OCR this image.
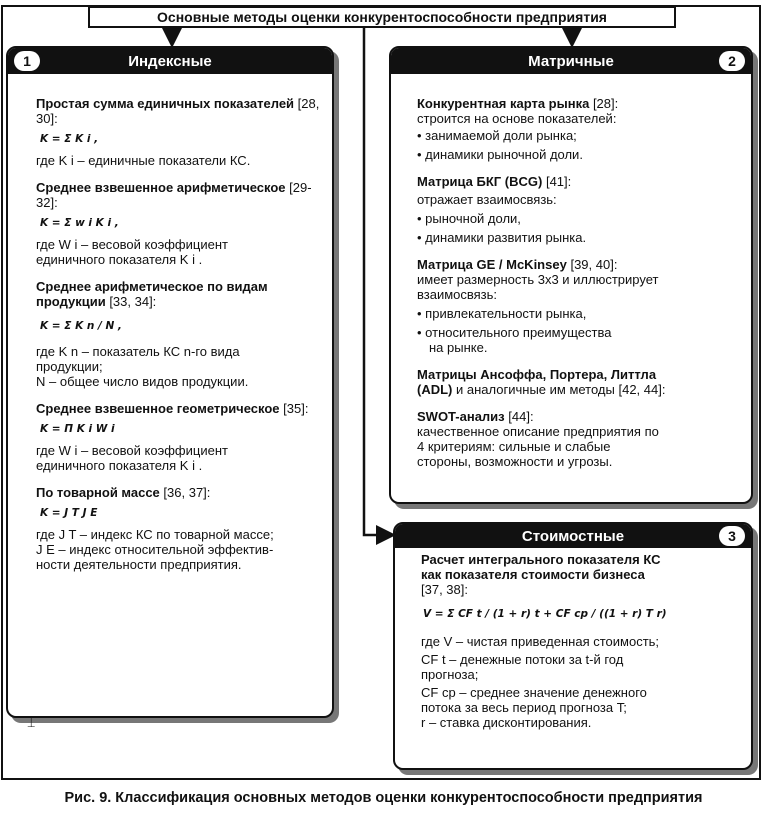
Основные методы оценки конкурентоспособности предприятия
1	Индексные
Простая сумма единичных показателей [28, 30]:
K = Σ K i ,
где K i – единичные показатели КС.
Среднее взвешенное арифметическое [29-32]:
K = Σ w i K i ,
где W i – весовой коэффициент
единичного показателя K i .
Среднее арифметическое по видам продукции [33, 34]:
K = Σ K n / N ,
где K n – показатель КС n-го вида
продукции;
N – общее число видов продукции.
Среднее взвешенное геометрическое [35]:
K = Π K i W i
где W i – весовой коэффициент
единичного показателя K i .
По товарной массе [36, 37]:
K = J T J E
где J T – индекс КС по товарной массе;
J E – индекс относительной эффектив-
ности деятельности предприятия.
Матричные	2
Конкурентная карта рынка [28]:
строится на основе показателей:
• занимаемой доли рынка;
• динамики рыночной доли.
Матрица БКГ (BCG) [41]:
отражает взаимосвязь:
• рыночной доли,
• динамики развития рынка.
Матрица GE / McKinsey [39, 40]:
имеет размерность 3x3 и иллюстрирует
взаимосвязь:
• привлекательности рынка,
• относительного преимущества
на рынке.
Матрицы Ансоффа, Портера, Литтла
(ADL) и аналогичные им методы [42, 44]:
SWOT-анализ [44]:
качественное описание предприятия по
4 критериям: сильные и слабые
стороны, возможности и угрозы.
Стоимостные	3
Расчет интегрального показателя КС
как показателя стоимости бизнеса
[37, 38]:
V = Σ CF t / (1 + r) t + CF cp / ((1 + r) T r)
где V – чистая приведенная стоимость;
CF t – денежные потоки за t-й год
прогноза;
CF cp – среднее значение денежного
потока за весь период прогноза T;
r – ставка дисконтирования.
⌶
Рис. 9. Классификация основных методов оценки конкурентоспособности предприятия
